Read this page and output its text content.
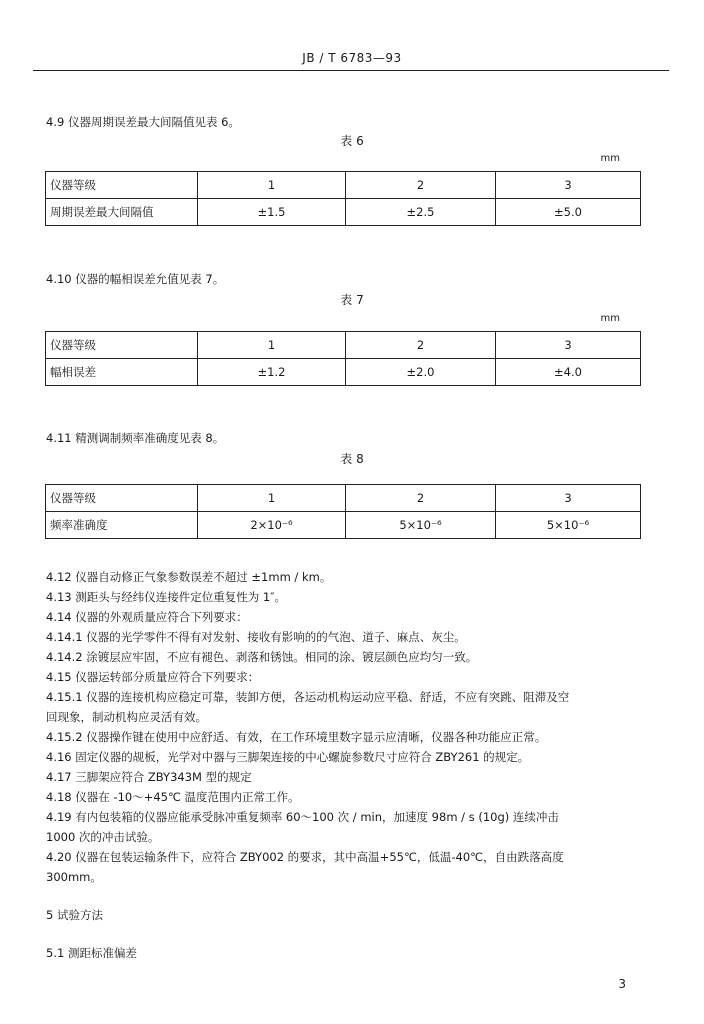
JB / T 6783—93
4.9 仪器周期误差最大间隔值见表 6。
表 6
mm
仪器等级	1	2	3
周期误差最大间隔值	±1.5	±2.5	±5.0
4.10 仪器的幅相误差允值见表 7。
表 7
mm
仪器等级	1	2	3
幅相误差	±1.2	±2.0	±4.0
4.11 精测调制频率准确度见表 8。
表 8
仪器等级	1	2	3
频率准确度	2×10⁻⁶	5×10⁻⁶	5×10⁻⁶
4.12 仪器自动修正气象参数误差不超过 ±1mm / km。
4.13 测距头与经纬仪连接件定位重复性为 1″。
4.14 仪器的外观质量应符合下列要求：
4.14.1 仪器的光学零件不得有对发射、接收有影响的的气泡、道子、麻点、灰尘。
4.14.2 涂镀层应牢固，不应有褪色、剥落和锈蚀。相同的涂、镀层颜色应均匀一致。
4.15 仪器运转部分质量应符合下列要求：
4.15.1 仪器的连接机构应稳定可靠，装卸方便，各运动机构运动应平稳、舒适，不应有突跳、阻滞及空
回现象，制动机构应灵活有效。
4.15.2 仪器操作键在使用中应舒适、有效，在工作环境里数字显示应清晰，仪器各种功能应正常。
4.16 固定仪器的觇板，光学对中器与三脚架连接的中心螺旋参数尺寸应符合 ZBY261 的规定。
4.17 三脚架应符合 ZBY343M 型的规定
4.18 仪器在 -10～+45℃ 温度范围内正常工作。
4.19 有内包装箱的仪器应能承受脉冲重复频率 60～100 次 / min，加速度 98m / s (10g) 连续冲击
1000 次的冲击试验。
4.20 仪器在包装运输条件下，应符合 ZBY002 的要求，其中高温+55℃，低温-40℃，自由跌落高度
300mm。
5 试验方法
5.1 测距标准偏差
3
